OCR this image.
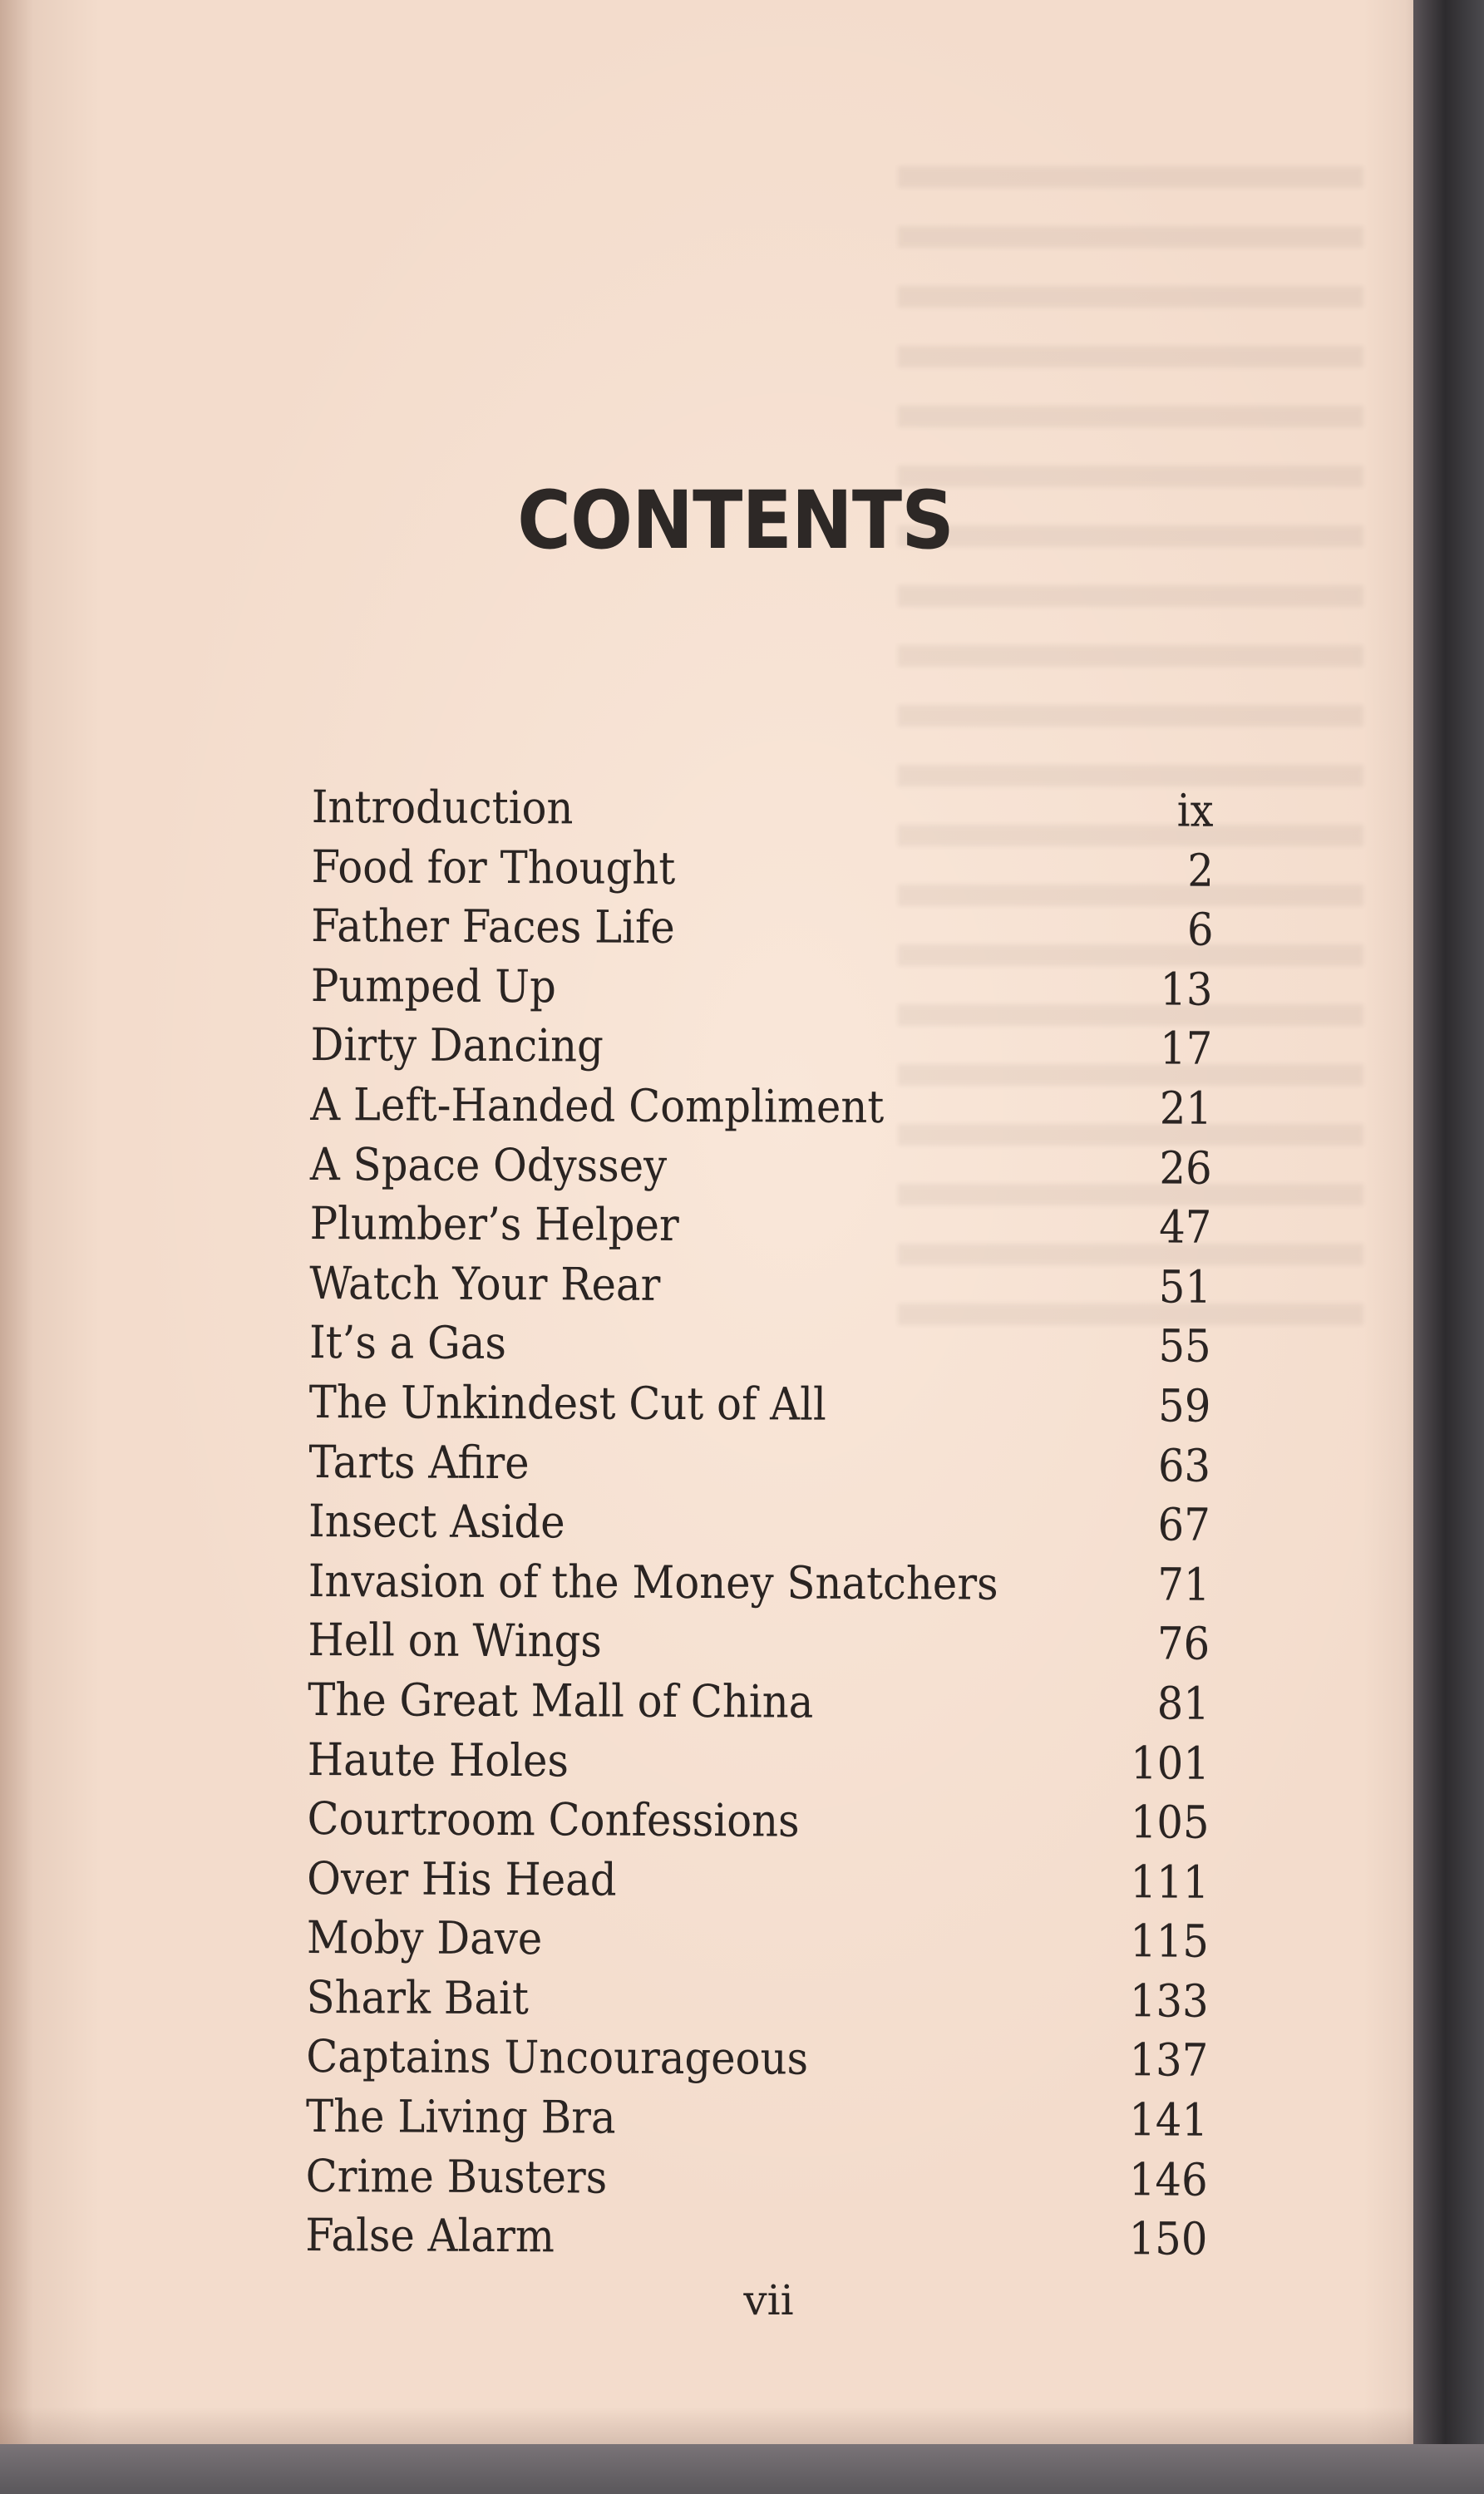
CONTENTS
Introduction	ix
Food for Thought	2
Father Faces Life	6
Pumped Up	13
Dirty Dancing	17
A Left-Handed Compliment	21
A Space Odyssey	26
Plumber’s Helper	47
Watch Your Rear	51
It’s a Gas	55
The Unkindest Cut of All	59
Tarts Afire	63
Insect Aside	67
Invasion of the Money Snatchers	71
Hell on Wings	76
The Great Mall of China	81
Haute Holes	101
Courtroom Confessions	105
Over His Head	111
Moby Dave	115
Shark Bait	133
Captains Uncourageous	137
The Living Bra	141
Crime Busters	146
False Alarm	150
vii
